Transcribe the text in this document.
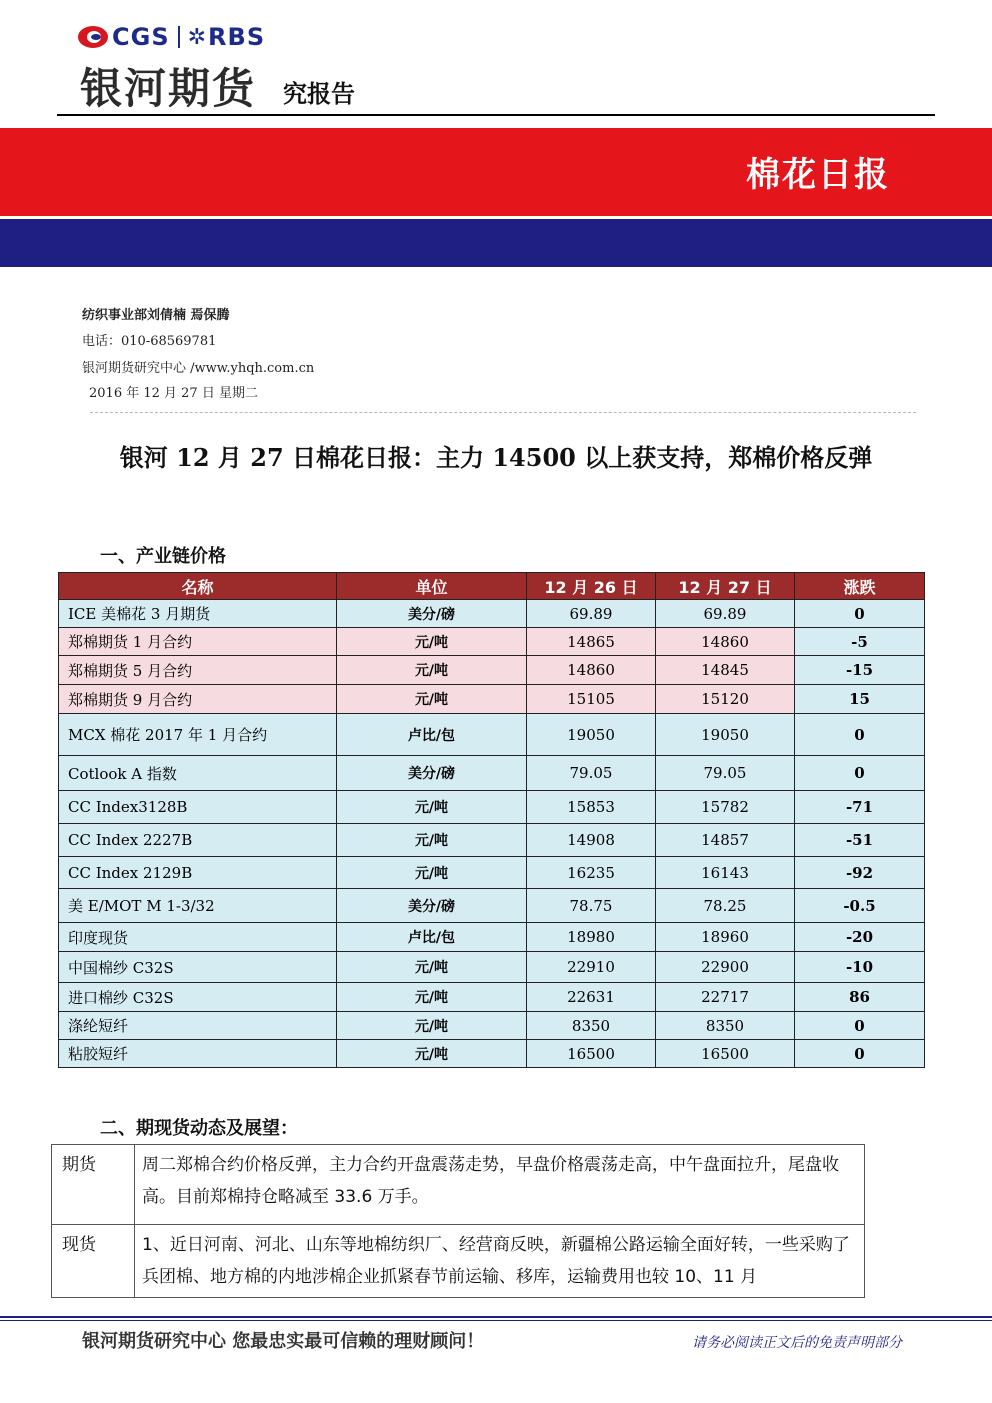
CGS ✲ RBS
银河期货 究报告
棉花日报
纺织事业部刘倩楠 焉保腾
电话：010-68569781
银河期货研究中心 /www.yhqh.com.cn
2016 年 12 月 27 日 星期二
银河 12 月 27 日棉花日报：主力 14500 以上获支持，郑棉价格反弹
一、产业链价格
名称	单位	12 月 26 日	12 月 27 日	涨跌
ICE 美棉花 3 月期货	美分/磅	69.89	69.89	0
郑棉期货 1 月合约	元/吨	14865	14860	-5
郑棉期货 5 月合约	元/吨	14860	14845	-15
郑棉期货 9 月合约	元/吨	15105	15120	15
MCX 棉花 2017 年 1 月合约	卢比/包	19050	19050	0
Cotlook A 指数	美分/磅	79.05	79.05	0
CC Index3128B	元/吨	15853	15782	-71
CC Index 2227B	元/吨	14908	14857	-51
CC Index 2129B	元/吨	16235	16143	-92
美 E/MOT M 1-3/32	美分/磅	78.75	78.25	-0.5
印度现货	卢比/包	18980	18960	-20
中国棉纱 C32S	元/吨	22910	22900	-10
进口棉纱 C32S	元/吨	22631	22717	86
涤纶短纤	元/吨	8350	8350	0
粘胶短纤	元/吨	16500	16500	0
二、期现货动态及展望：
期货	周二郑棉合约价格反弹，主力合约开盘震荡走势，早盘价格震荡走高，中午盘面拉升，尾盘收高。目前郑棉持仓略减至 33.6 万手。
现货	1、近日河南、河北、山东等地棉纺织厂、经营商反映，新疆棉公路运输全面好转，一些采购了兵团棉、地方棉的内地涉棉企业抓紧春节前运输、移库，运输费用也较 10、11 月
银河期货研究中心 您最忠实最可信赖的理财顾问！	请务必阅读正文后的免责声明部分
